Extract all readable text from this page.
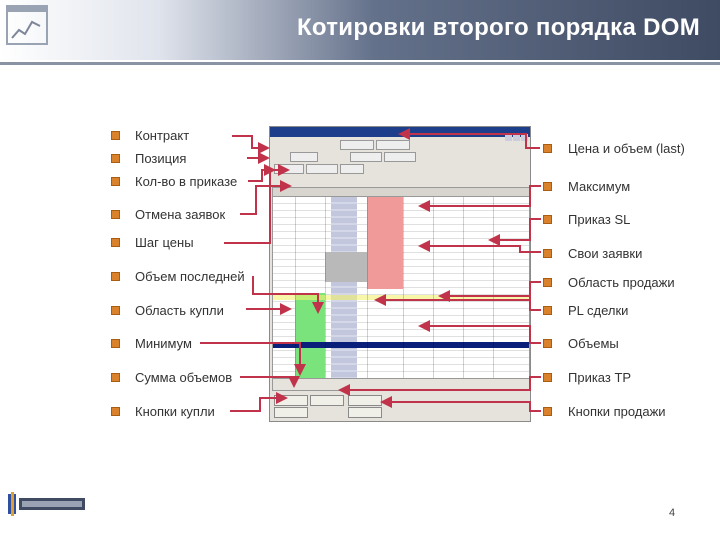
Котировки второго порядка DOM
Контракт
Позиция
Кол-во в приказе
Отмена заявок
Шаг цены
Объем последней
Область купли
Минимум
Сумма объемов
Кнопки купли
Цена и объем (last)
Максимум
Приказ SL
Свои заявки
Область продажи
PL сделки
Объемы
Приказ TP
Кнопки продажи
4
